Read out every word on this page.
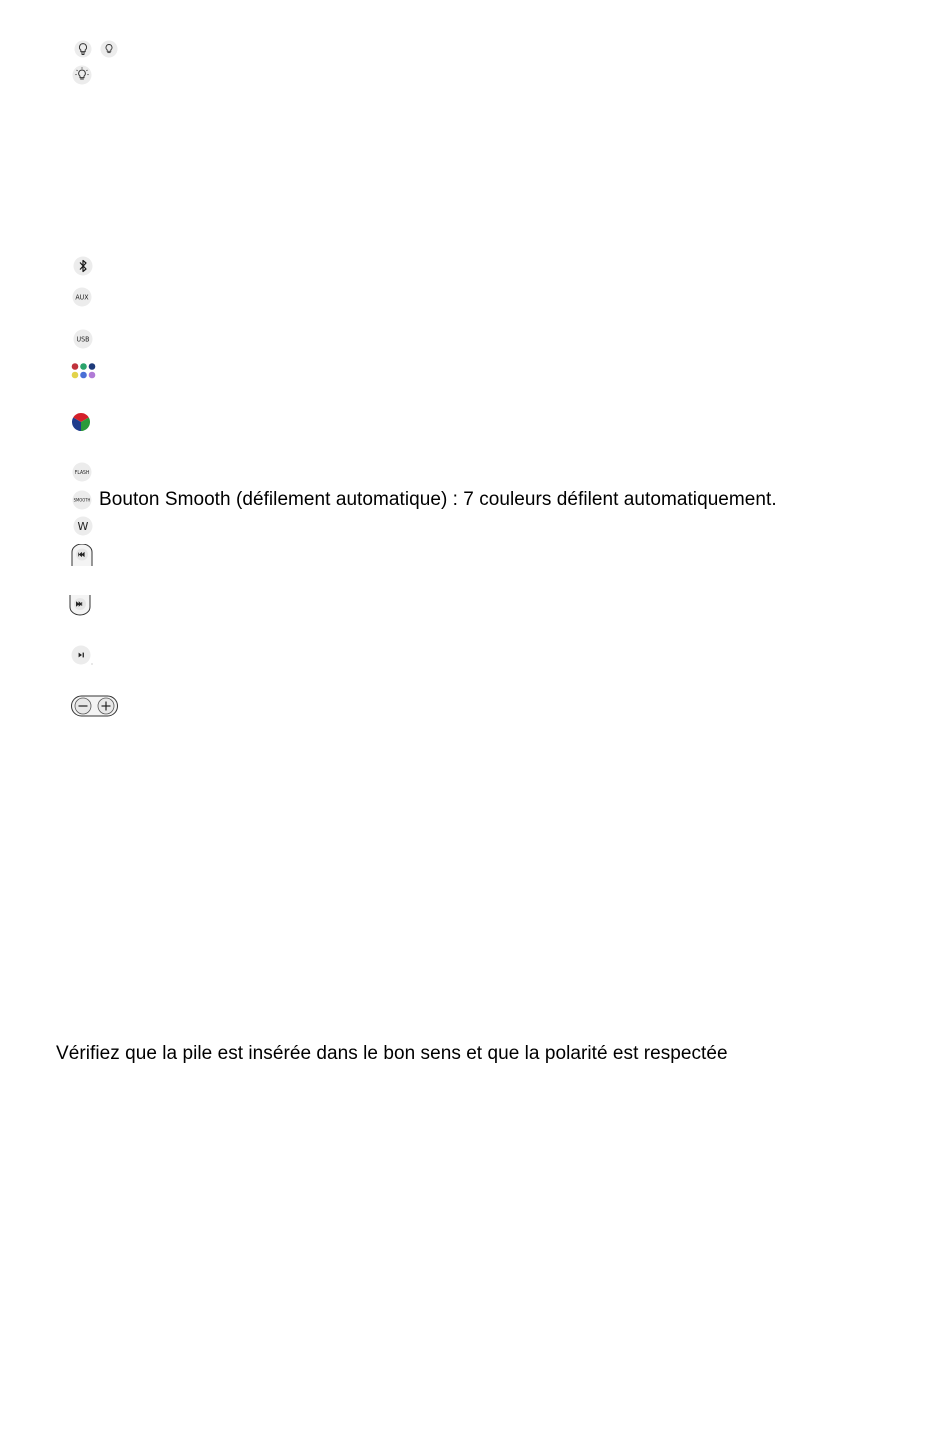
AUX
USB
FLASH
SMOOTH Bouton Smooth (défilement automatique) : 7 couleurs défilent automatiquement.
W
Vérifiez que la pile est insérée dans le bon sens et que la polarité est respectée
